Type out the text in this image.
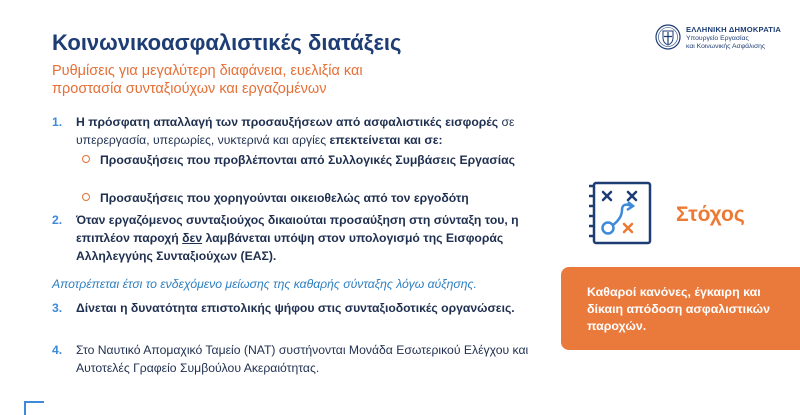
Κοινωνικοασφαλιστικές διατάξεις
Ρυθμίσεις για μεγαλύτερη διαφάνεια, ευελιξία και προστασία συνταξιούχων και εργαζομένων
ΕΛΛΗΝΙΚΗ ΔΗΜΟΚΡΑΤΙΑ
Υπουργείο Εργασίας
και Κοινωνικής Ασφάλισης
1. Η πρόσφατη απαλλαγή των προσαυξήσεων από ασφαλιστικές εισφορές σε υπερεργασία, υπερωρίες, νυκτερινά και αργίες επεκτείνεται και σε:
Προσαυξήσεις που προβλέπονται από Συλλογικές Συμβάσεις Εργασίας
Προσαυξήσεις που χορηγούνται οικειοθελώς από τον εργοδότη
2. Όταν εργαζόμενος συνταξιούχος δικαιούται προσαύξηση στη σύνταξη του, η επιπλέον παροχή δεν λαμβάνεται υπόψη στον υπολογισμό της Εισφοράς Αλληλεγγύης Συνταξιούχων (ΕΑΣ).
Αποτρέπεται έτσι το ενδεχόμενο μείωσης της καθαρής σύνταξης λόγω αύξησης.
3. Δίνεται η δυνατότητα επιστολικής ψήφου στις συνταξιοδοτικές οργανώσεις.
4. Στο Ναυτικό Απομαχικό Ταμείο (ΝΑΤ) συστήνονται Μονάδα Εσωτερικού Ελέγχου και Αυτοτελές Γραφείο Συμβούλου Ακεραιότητας.
Στόχος
Καθαροί κανόνες, έγκαιρη και δίκαιη απόδοση ασφαλιστικών παροχών.
